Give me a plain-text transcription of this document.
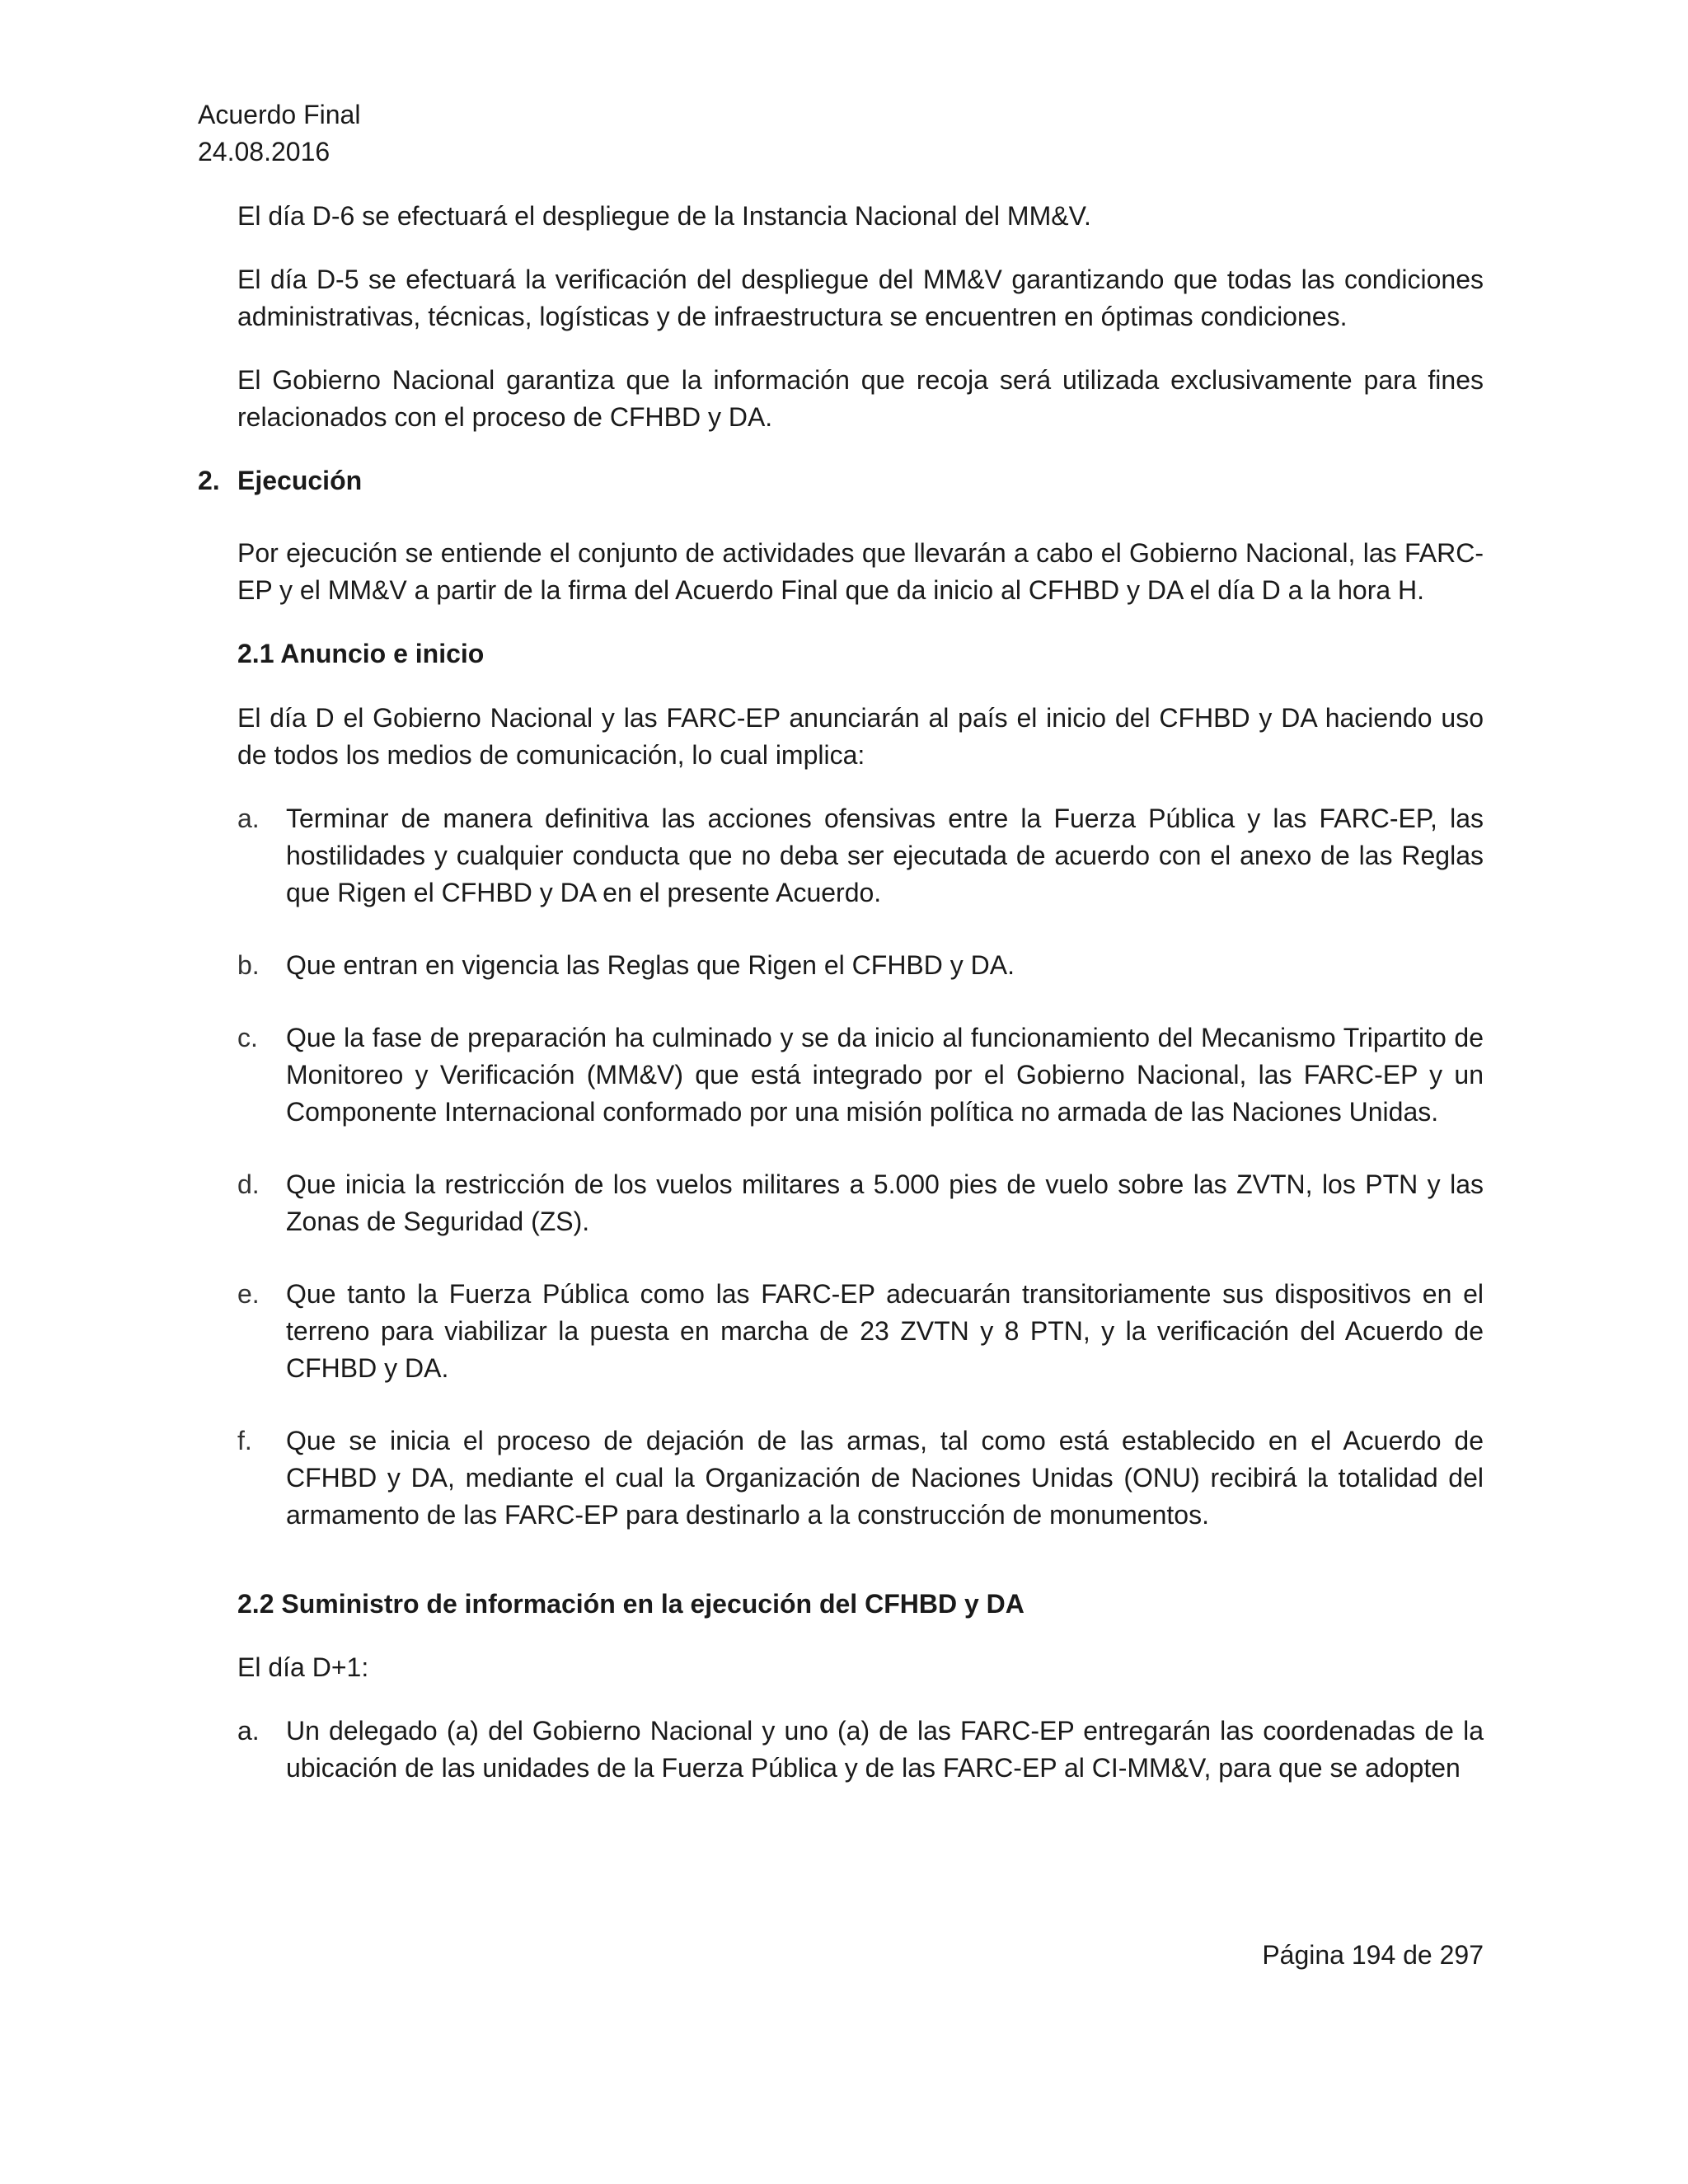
Acuerdo Final
24.08.2016

El día D-6 se efectuará el despliegue de la Instancia Nacional del MM&V.

El día D-5 se efectuará la verificación del despliegue del MM&V garantizando que todas las condiciones administrativas, técnicas, logísticas y de infraestructura se encuentren en óptimas condiciones.

El Gobierno Nacional garantiza que la información que recoja será utilizada exclusivamente para fines relacionados con el proceso de CFHBD y DA.

2. Ejecución

Por ejecución se entiende el conjunto de actividades que llevarán a cabo el Gobierno Nacional, las FARC-EP y el MM&V a partir de la firma del Acuerdo Final que da inicio al CFHBD y DA el día D a la hora H.

2.1 Anuncio e inicio

El día D el Gobierno Nacional y las FARC-EP anunciarán al país el inicio del CFHBD y DA haciendo uso de todos los medios de comunicación, lo cual implica:

a. Terminar de manera definitiva las acciones ofensivas entre la Fuerza Pública y las FARC-EP, las hostilidades y cualquier conducta que no deba ser ejecutada de acuerdo con el anexo de las Reglas que Rigen el CFHBD y DA en el presente Acuerdo.
b. Que entran en vigencia las Reglas que Rigen el CFHBD y DA.
c. Que la fase de preparación ha culminado y se da inicio al funcionamiento del Mecanismo Tripartito de Monitoreo y Verificación (MM&V) que está integrado por el Gobierno Nacional, las FARC-EP y un Componente Internacional conformado por una misión política no armada de las Naciones Unidas.
d. Que inicia la restricción de los vuelos militares a 5.000 pies de vuelo sobre las ZVTN, los PTN y las Zonas de Seguridad (ZS).
e. Que tanto la Fuerza Pública como las FARC-EP adecuarán transitoriamente sus dispositivos en el terreno para viabilizar la puesta en marcha de 23 ZVTN y 8 PTN, y la verificación del Acuerdo de CFHBD y DA.
f. Que se inicia el proceso de dejación de las armas, tal como está establecido en el Acuerdo de CFHBD y DA, mediante el cual la Organización de Naciones Unidas (ONU) recibirá la totalidad del armamento de las FARC-EP para destinarlo a la construcción de monumentos.
2.2 Suministro de información en la ejecución del CFHBD y DA

El día D+1:

a. Un delegado (a) del Gobierno Nacional y uno (a) de las FARC-EP entregarán las coordenadas de la ubicación de las unidades de la Fuerza Pública y de las FARC-EP al CI-MM&V, para que se adopten
Página 194 de 297
